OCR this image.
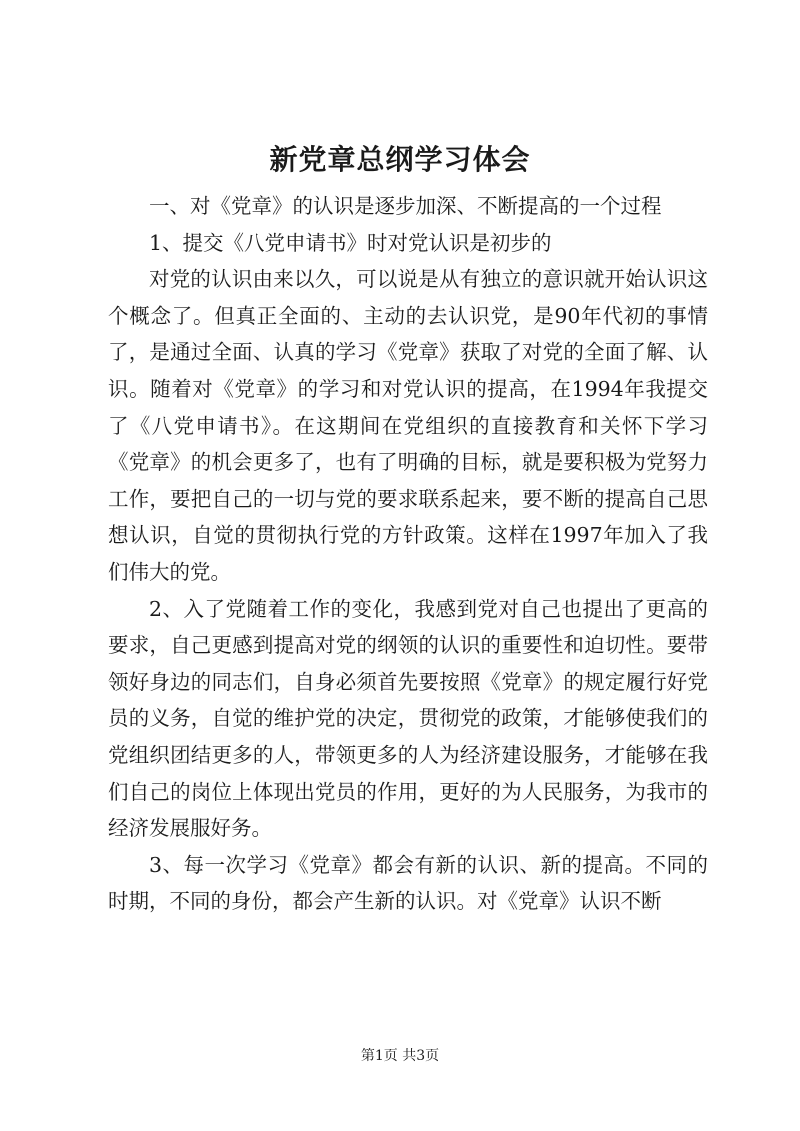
新党章总纲学习体会

一、对《党章》的认识是逐步加深、不断提高的一个过程

1、提交《八党申请书》时对党认识是初步的

对党的认识由来以久，可以说是从有独立的意识就开始认识这个概念了。但真正全面的、主动的去认识党，是90年代初的事情了，是通过全面、认真的学习《党章》获取了对党的全面了解、认识。随着对《党章》的学习和对党认识的提高，在1994年我提交了《八党申请书》。在这期间在党组织的直接教育和关怀下学习《党章》的机会更多了，也有了明确的目标，就是要积极为党努力工作，要把自己的一切与党的要求联系起来，要不断的提高自己思想认识，自觉的贯彻执行党的方针政策。这样在1997年加入了我们伟大的党。

2、入了党随着工作的变化，我感到党对自己也提出了更高的要求，自己更感到提高对党的纲领的认识的重要性和迫切性。要带领好身边的同志们，自身必须首先要按照《党章》的规定履行好党员的义务，自觉的维护党的决定，贯彻党的政策，才能够使我们的党组织团结更多的人，带领更多的人为经济建设服务，才能够在我们自己的岗位上体现出党员的作用，更好的为人民服务，为我市的经济发展服好务。

3、每一次学习《党章》都会有新的认识、新的提高。不同的时期，不同的身份，都会产生新的认识。对《党章》认识不断

第1页 共3页
